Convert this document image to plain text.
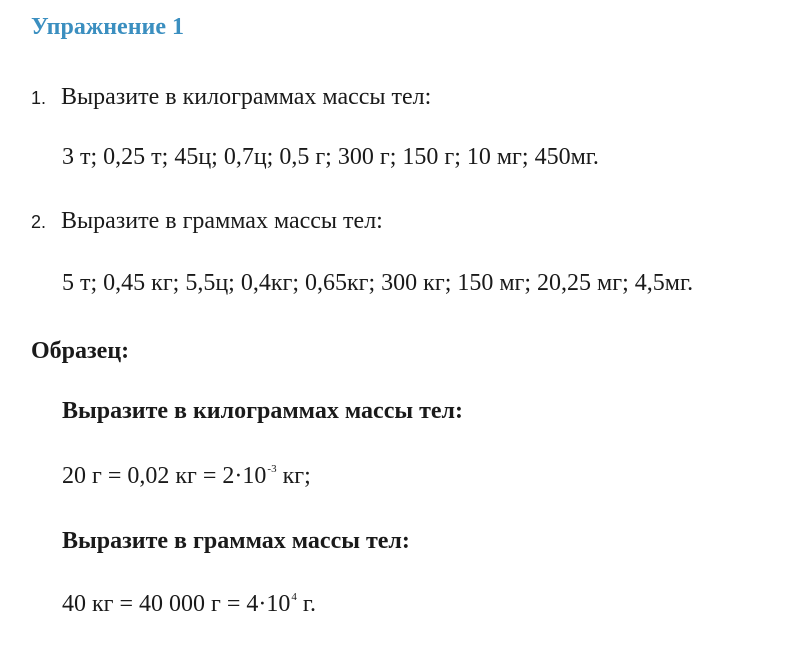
Упражнение 1
1. Выразите в килограммах массы тел:
3 т; 0,25 т; 45ц; 0,7ц; 0,5 г; 300 г; 150 г; 10 мг; 450мг.
2. Выразите в граммах массы тел:
5 т; 0,45 кг; 5,5ц; 0,4кг; 0,65кг; 300 кг; 150 мг; 20,25 мг; 4,5мг.
Образец:
Выразите в килограммах массы тел:
20 г = 0,02 кг = $2\cdot 10^{-3}$ кг;
Выразите в граммах массы тел:
40 кг = 40 000 $г = 4\cdot 10^4$ г.
